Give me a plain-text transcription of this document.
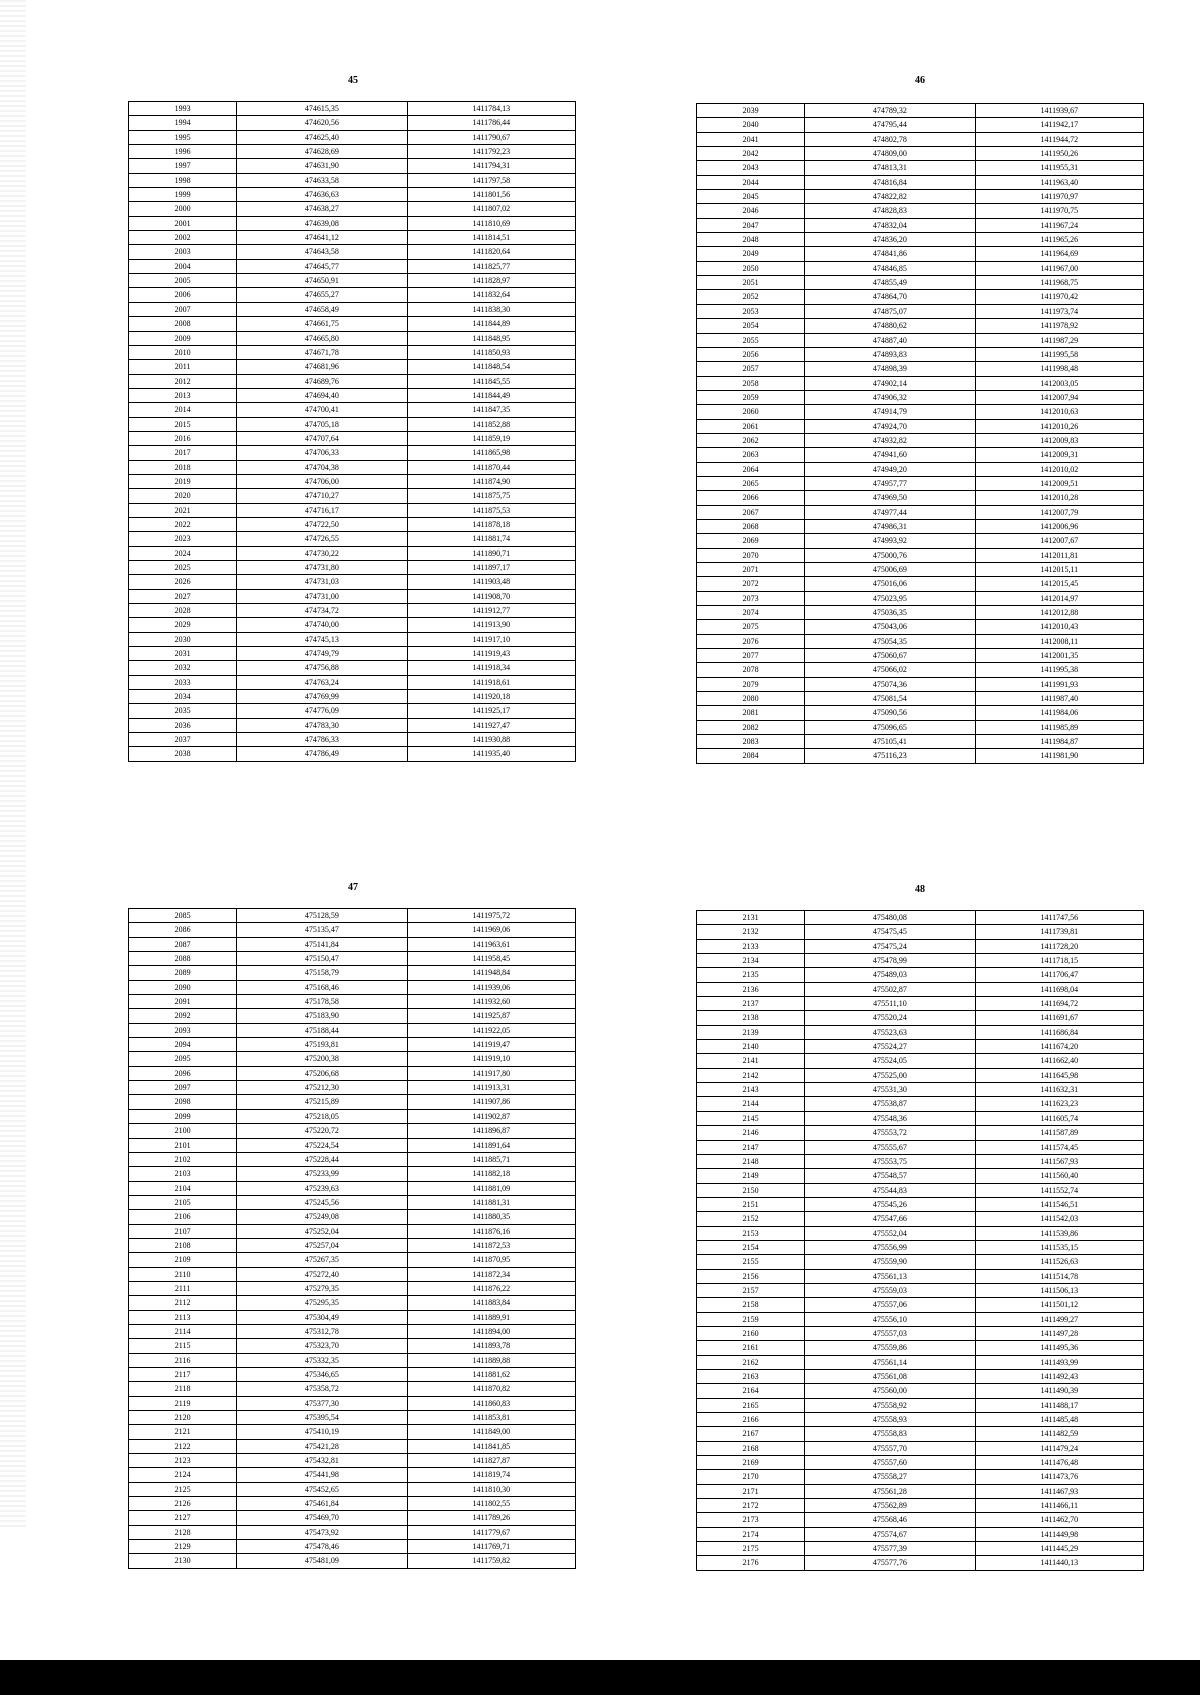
45
1993	474615,35	1411784,13
1994	474620,56	1411786,44
1995	474625,40	1411790,67
1996	474628,69	1411792,23
1997	474631,90	1411794,31
1998	474633,58	1411797,58
1999	474636,63	1411801,56
2000	474638,27	1411807,02
2001	474639,08	1411810,69
2002	474641,12	1411814,51
2003	474643,58	1411820,64
2004	474645,77	1411825,77
2005	474650,91	1411828,97
2006	474655,27	1411832,64
2007	474658,49	1411838,30
2008	474661,75	1411844,89
2009	474665,80	1411848,95
2010	474671,78	1411850,93
2011	474681,96	1411848,54
2012	474689,76	1411845,55
2013	474694,40	1411844,49
2014	474700,41	1411847,35
2015	474705,18	1411852,88
2016	474707,64	1411859,19
2017	474706,33	1411865,98
2018	474704,38	1411870,44
2019	474706,00	1411874,90
2020	474710,27	1411875,75
2021	474716,17	1411875,53
2022	474722,50	1411878,18
2023	474726,55	1411881,74
2024	474730,22	1411890,71
2025	474731,80	1411897,17
2026	474731,03	1411903,48
2027	474731,00	1411908,70
2028	474734,72	1411912,77
2029	474740,00	1411913,90
2030	474745,13	1411917,10
2031	474749,79	1411919,43
2032	474756,88	1411918,34
2033	474763,24	1411918,61
2034	474769,99	1411920,18
2035	474776,09	1411925,17
2036	474783,30	1411927,47
2037	474786,33	1411930,88
2038	474786,49	1411935,40
46
2039	474789,32	1411939,67
2040	474795,44	1411942,17
2041	474802,78	1411944,72
2042	474809,00	1411950,26
2043	474813,31	1411955,31
2044	474816,84	1411963,40
2045	474822,82	1411970,97
2046	474828,83	1411970,75
2047	474832,04	1411967,24
2048	474836,20	1411965,26
2049	474841,86	1411964,69
2050	474846,85	1411967,00
2051	474855,49	1411968,75
2052	474864,70	1411970,42
2053	474875,07	1411973,74
2054	474880,62	1411978,92
2055	474887,40	1411987,29
2056	474893,83	1411995,58
2057	474898,39	1411998,48
2058	474902,14	1412003,05
2059	474906,32	1412007,94
2060	474914,79	1412010,63
2061	474924,70	1412010,26
2062	474932,82	1412009,83
2063	474941,60	1412009,31
2064	474949,20	1412010,02
2065	474957,77	1412009,51
2066	474969,50	1412010,28
2067	474977,44	1412007,79
2068	474986,31	1412006,96
2069	474993,92	1412007,67
2070	475000,76	1412011,81
2071	475006,69	1412015,11
2072	475016,06	1412015,45
2073	475023,95	1412014,97
2074	475036,35	1412012,88
2075	475043,06	1412010,43
2076	475054,35	1412008,11
2077	475060,67	1412001,35
2078	475066,02	1411995,38
2079	475074,36	1411991,93
2080	475081,54	1411987,40
2081	475090,56	1411984,06
2082	475096,65	1411985,89
2083	475105,41	1411984,87
2084	475116,23	1411981,90
47
2085	475128,59	1411975,72
2086	475135,47	1411969,06
2087	475141,84	1411963,61
2088	475150,47	1411958,45
2089	475158,79	1411948,84
2090	475168,46	1411939,06
2091	475178,58	1411932,60
2092	475183,90	1411925,87
2093	475188,44	1411922,05
2094	475193,81	1411919,47
2095	475200,38	1411919,10
2096	475206,68	1411917,80
2097	475212,30	1411913,31
2098	475215,89	1411907,86
2099	475218,05	1411902,87
2100	475220,72	1411896,87
2101	475224,54	1411891,64
2102	475228,44	1411885,71
2103	475233,99	1411882,18
2104	475239,63	1411881,09
2105	475245,56	1411881,31
2106	475249,08	1411880,35
2107	475252,04	1411876,16
2108	475257,04	1411872,53
2109	475267,35	1411870,95
2110	475272,40	1411872,34
2111	475279,35	1411876,22
2112	475295,35	1411883,84
2113	475304,49	1411889,91
2114	475312,78	1411894,00
2115	475323,70	1411893,78
2116	475332,35	1411889,88
2117	475346,65	1411881,62
2118	475358,72	1411870,82
2119	475377,30	1411860,83
2120	475395,54	1411853,81
2121	475410,19	1411849,00
2122	475421,28	1411841,85
2123	475432,81	1411827,87
2124	475441,98	1411819,74
2125	475452,65	1411810,30
2126	475461,84	1411802,55
2127	475469,70	1411789,26
2128	475473,92	1411779,67
2129	475478,46	1411769,71
2130	475481,09	1411759,82
48
2131	475480,08	1411747,56
2132	475475,45	1411739,81
2133	475475,24	1411728,20
2134	475478,99	1411718,15
2135	475489,03	1411706,47
2136	475502,87	1411698,04
2137	475511,10	1411694,72
2138	475520,24	1411691,67
2139	475523,63	1411686,84
2140	475524,27	1411674,20
2141	475524,05	1411662,40
2142	475525,00	1411645,98
2143	475531,30	1411632,31
2144	475538,87	1411623,23
2145	475548,36	1411605,74
2146	475553,72	1411587,89
2147	475555,67	1411574,45
2148	475553,75	1411567,93
2149	475548,57	1411560,40
2150	475544,83	1411552,74
2151	475545,26	1411546,51
2152	475547,66	1411542,03
2153	475552,04	1411539,86
2154	475556,99	1411535,15
2155	475559,90	1411526,63
2156	475561,13	1411514,78
2157	475559,03	1411506,13
2158	475557,06	1411501,12
2159	475556,10	1411499,27
2160	475557,03	1411497,28
2161	475559,86	1411495,36
2162	475561,14	1411493,99
2163	475561,08	1411492,43
2164	475560,00	1411490,39
2165	475558,92	1411488,17
2166	475558,93	1411485,48
2167	475558,83	1411482,59
2168	475557,70	1411479,24
2169	475557,60	1411476,48
2170	475558,27	1411473,76
2171	475561,28	1411467,93
2172	475562,89	1411466,11
2173	475568,46	1411462,70
2174	475574,67	1411449,98
2175	475577,39	1411445,29
2176	475577,76	1411440,13
